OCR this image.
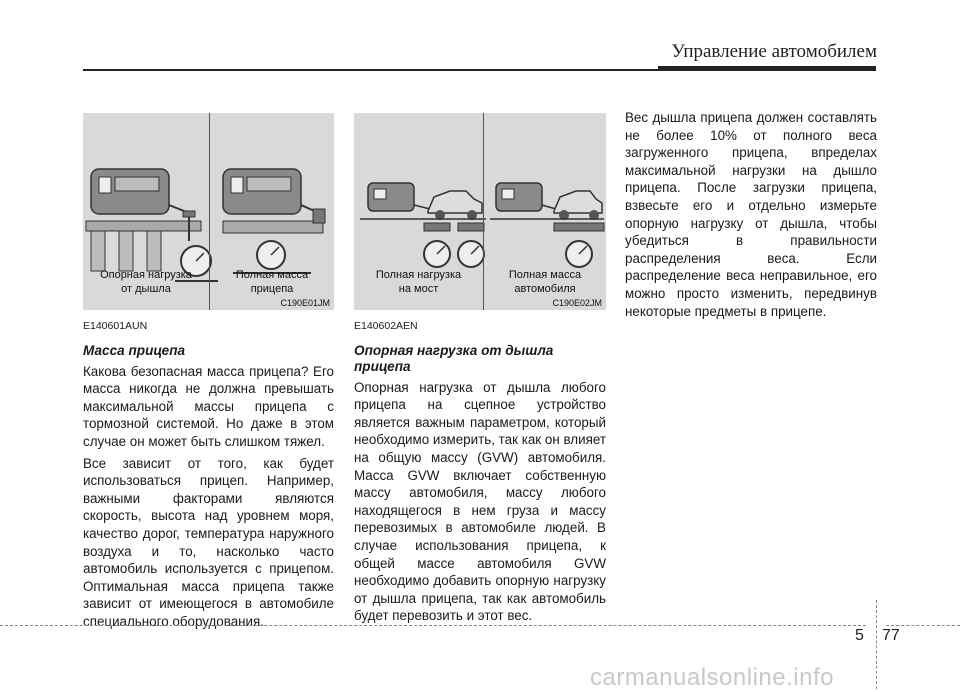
Управление автомобилем
Опорная нагрузка
от дышла
Полная масса
прицепа
C190E01JM
Полная нагрузка
на мост
Полная масса
автомобиля
C190E02JM
E140601AUN
Масса прицепа

Какова безопасная масса прицепа? Его масса никогда не должна превышать максимальной массы прицепа с тормозной системой. Но даже в этом случае он может быть слишком тяжел.

Все зависит от того, как будет использоваться прицеп. Например, важными факторами являются скорость, высота над уровнем моря, качество дорог, температура наружного воздуха и то, насколько часто автомобиль используется с прицепом. Оптимальная масса прицепа также зависит от имеющегося в автомобиле специального оборудования.

E140602AEN
Опорная нагрузка от дышла прицепа

Опорная нагрузка от дышла любого прицепа на сцепное устройство является важным параметром, который необходимо измерить, так как он влияет на общую массу (GVW) автомобиля. Масса GVW включает собственную массу автомобиля, массу любого находящегося в нем груза и массу перевозимых в автомобиле людей. В случае использования прицепа, к общей массе автомобиля GVW необходимо добавить опорную нагрузку от дышла прицепа, так как автомобиль будет перевозить и этот вес.

Вес дышла прицепа должен составлять не более 10% от полного веса загруженного прицепа, впределах максимальной нагрузки на дышло прицепа. После загрузки прицепа, взвесьте его и отдельно измерьте опорную нагрузку от дышла, чтобы убедиться в правильности распределения веса. Если распределение веса неправильное, его можно просто изменить, передвинув некоторые предметы в прицепе.

5 77
carmanualsonline.info
